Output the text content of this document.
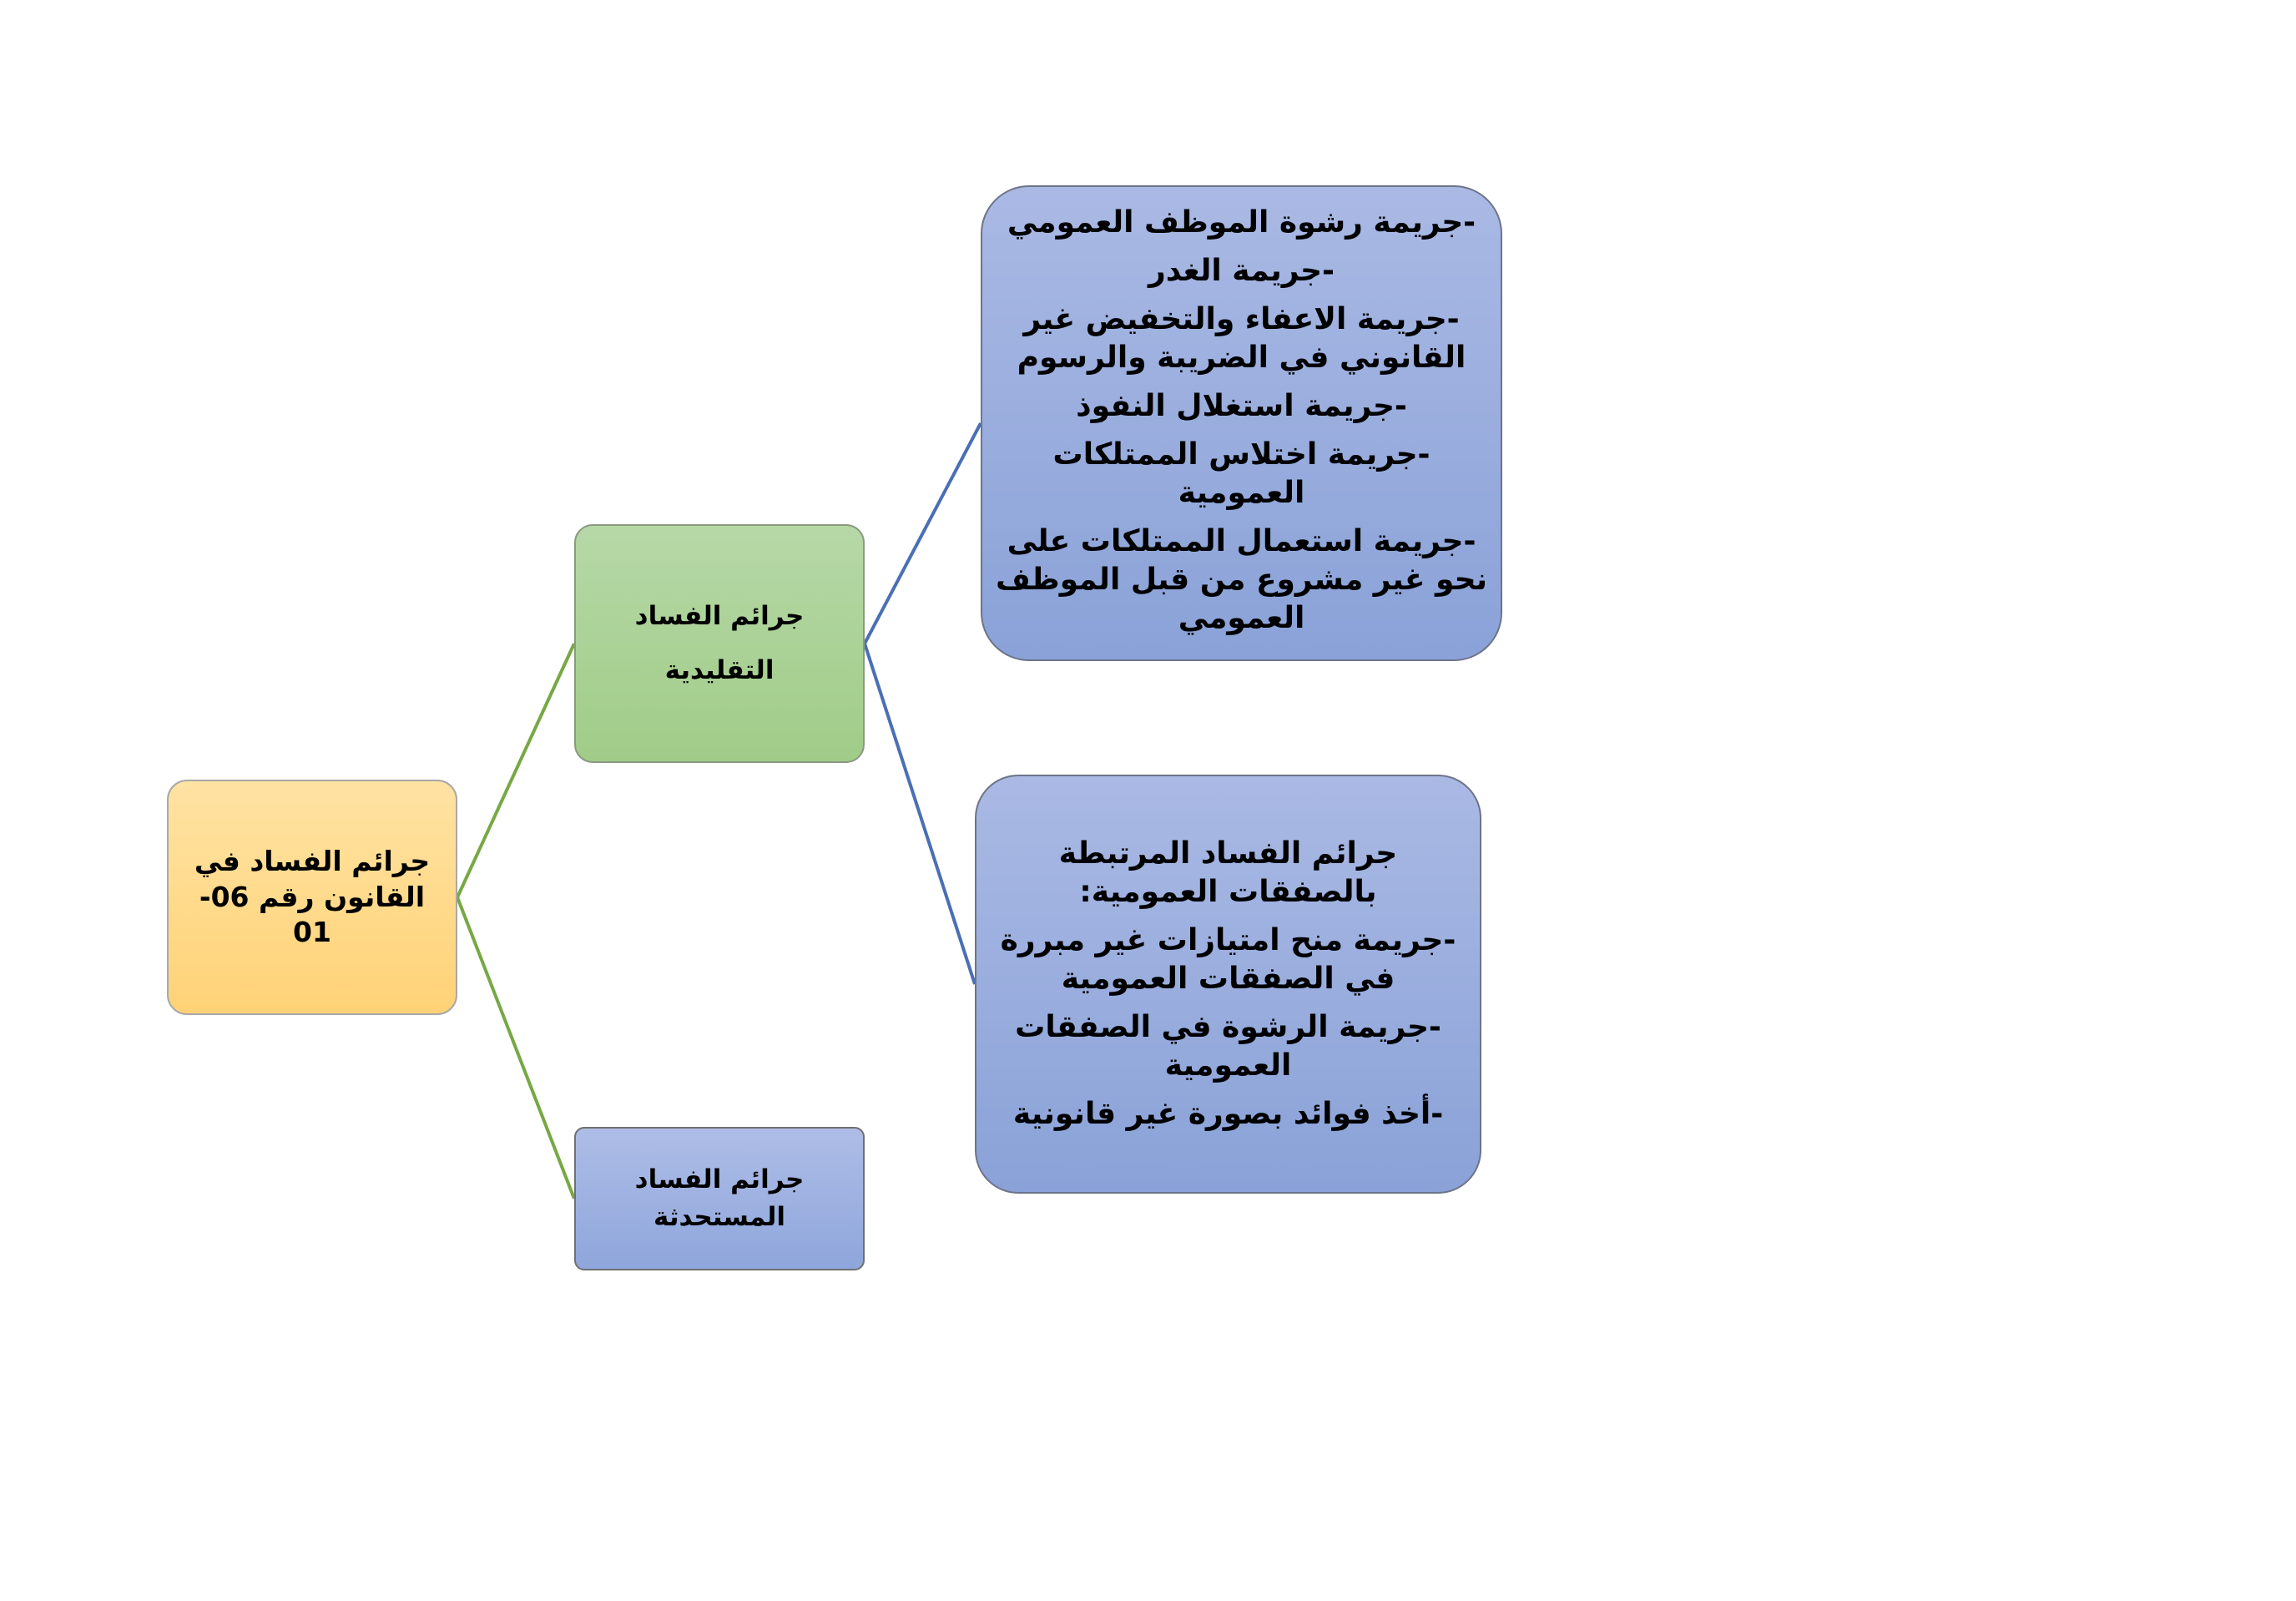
جرائم الفساد في القانون رقم 06-01
جرائم الفساد
التقليدية
جرائم الفساد المستحدثة
-جريمة رشوة الموظف العمومي
-جريمة الغدر
-جريمة الاعفاء والتخفيض غير القانوني في الضريبة والرسوم
-جريمة استغلال النفوذ
-جريمة اختلاس الممتلكات العمومية
-جريمة استعمال الممتلكات على نحو غير مشروع من قبل الموظف العمومي
جرائم الفساد المرتبطة بالصفقات العمومية:
-جريمة منح امتيازات غير مبررة في الصفقات العمومية
-جريمة الرشوة في الصفقات العمومية
-أخذ فوائد بصورة غير قانونية
